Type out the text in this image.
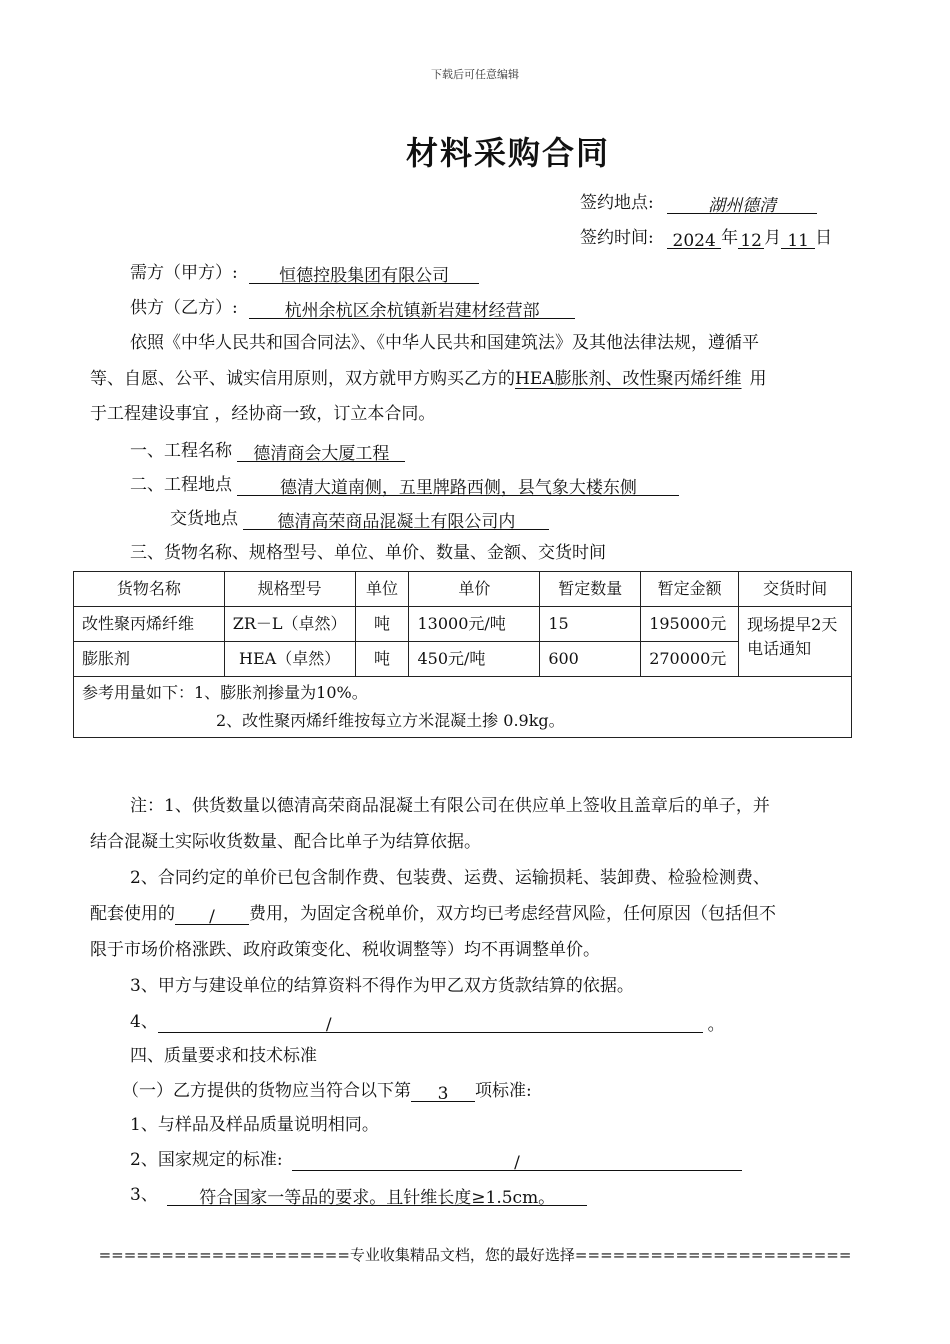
下载后可任意编辑
材料采购合同
签约地点:	湖州德清
签约时间: 2024 年 12 月 11 日
需方（甲方）: 恒德控股集团有限公司
供方（乙方）:	杭州余杭区余杭镇新岩建材经营部
依照《中华人民共和国合同法》、《中华人民共和国建筑法》及其他法律法规，遵循平
等、自愿、公平、诚实信用原则，双方就甲方购买乙方的HEA膨胀剂、改性聚丙烯纤维 用
于工程建设事宜 ，经协商一致，订立本合同。
一、工程名称 德清商会大厦工程
二、工程地点	德清大道南侧，五里牌路西侧，县气象大楼东侧
交货地点 德清高荣商品混凝土有限公司内
三、货物名称、规格型号、单位、单价、数量、金额、交货时间
货物名称	规格型号	单位	单价	暂定数量	暂定金额	交货时间
改性聚丙烯纤维	ZR－L（卓然）	吨	13000元/吨	15	195000元	现场提早2天电话通知
膨胀剂	HEA（卓然）	吨	450元/吨	600	270000元	

参考用量如下：1、膨胀剂掺量为10%。
2、改性聚丙烯纤维按每立方米混凝土掺 0.9kg。						
注：1、供货数量以德清高荣商品混凝土有限公司在供应单上签收且盖章后的单子，并
结合混凝土实际收货数量、配合比单子为结算依据。
2、合同约定的单价已包含制作费、包装费、运费、运输损耗、装卸费、检验检测费、
配套使用的 / 费用，为固定含税单价，双方均已考虑经营风险，任何原因（包括但不
限于市场价格涨跌、政府政策变化、税收调整等）均不再调整单价。
3、甲方与建设单位的结算资料不得作为甲乙双方货款结算的依据。
4、	/	。
四、质量要求和技术标准
（一）乙方提供的货物应当符合以下第 3 项标准:
1、与样品及样品质量说明相同。
2、国家规定的标准:	/
3、 符合国家一等品的要求。且针维长度≥1.5cm。
====================专业收集精品文档，您的最好选择======================
